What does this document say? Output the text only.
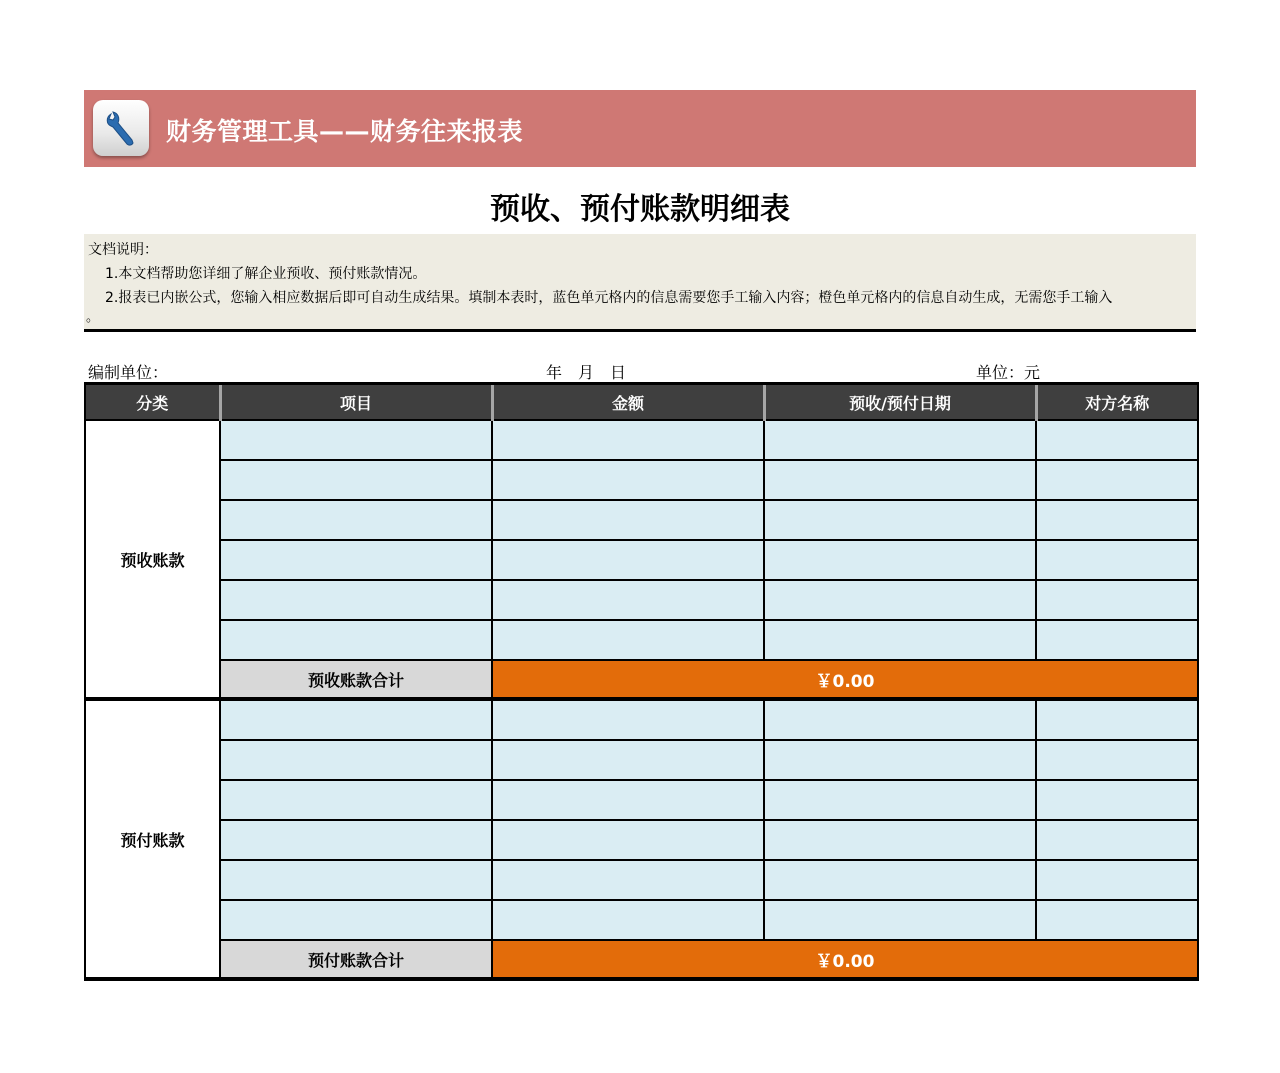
财务管理工具——财务往来报表
预收、预付账款明细表
文档说明：
1.本文档帮助您详细了解企业预收、预付账款情况。
2.报表已内嵌公式，您输入相应数据后即可自动生成结果。填制本表时，蓝色单元格内的信息需要您手工输入内容；橙色单元格内的信息自动生成，无需您手工输入
。
编制单位：	年　月　日	单位：元
分类	项目	金额	预收/预付日期	对方名称
预收账款				

	预收账款合计	￥0.00		
预付账款				

	预付账款合计	￥0.00		
